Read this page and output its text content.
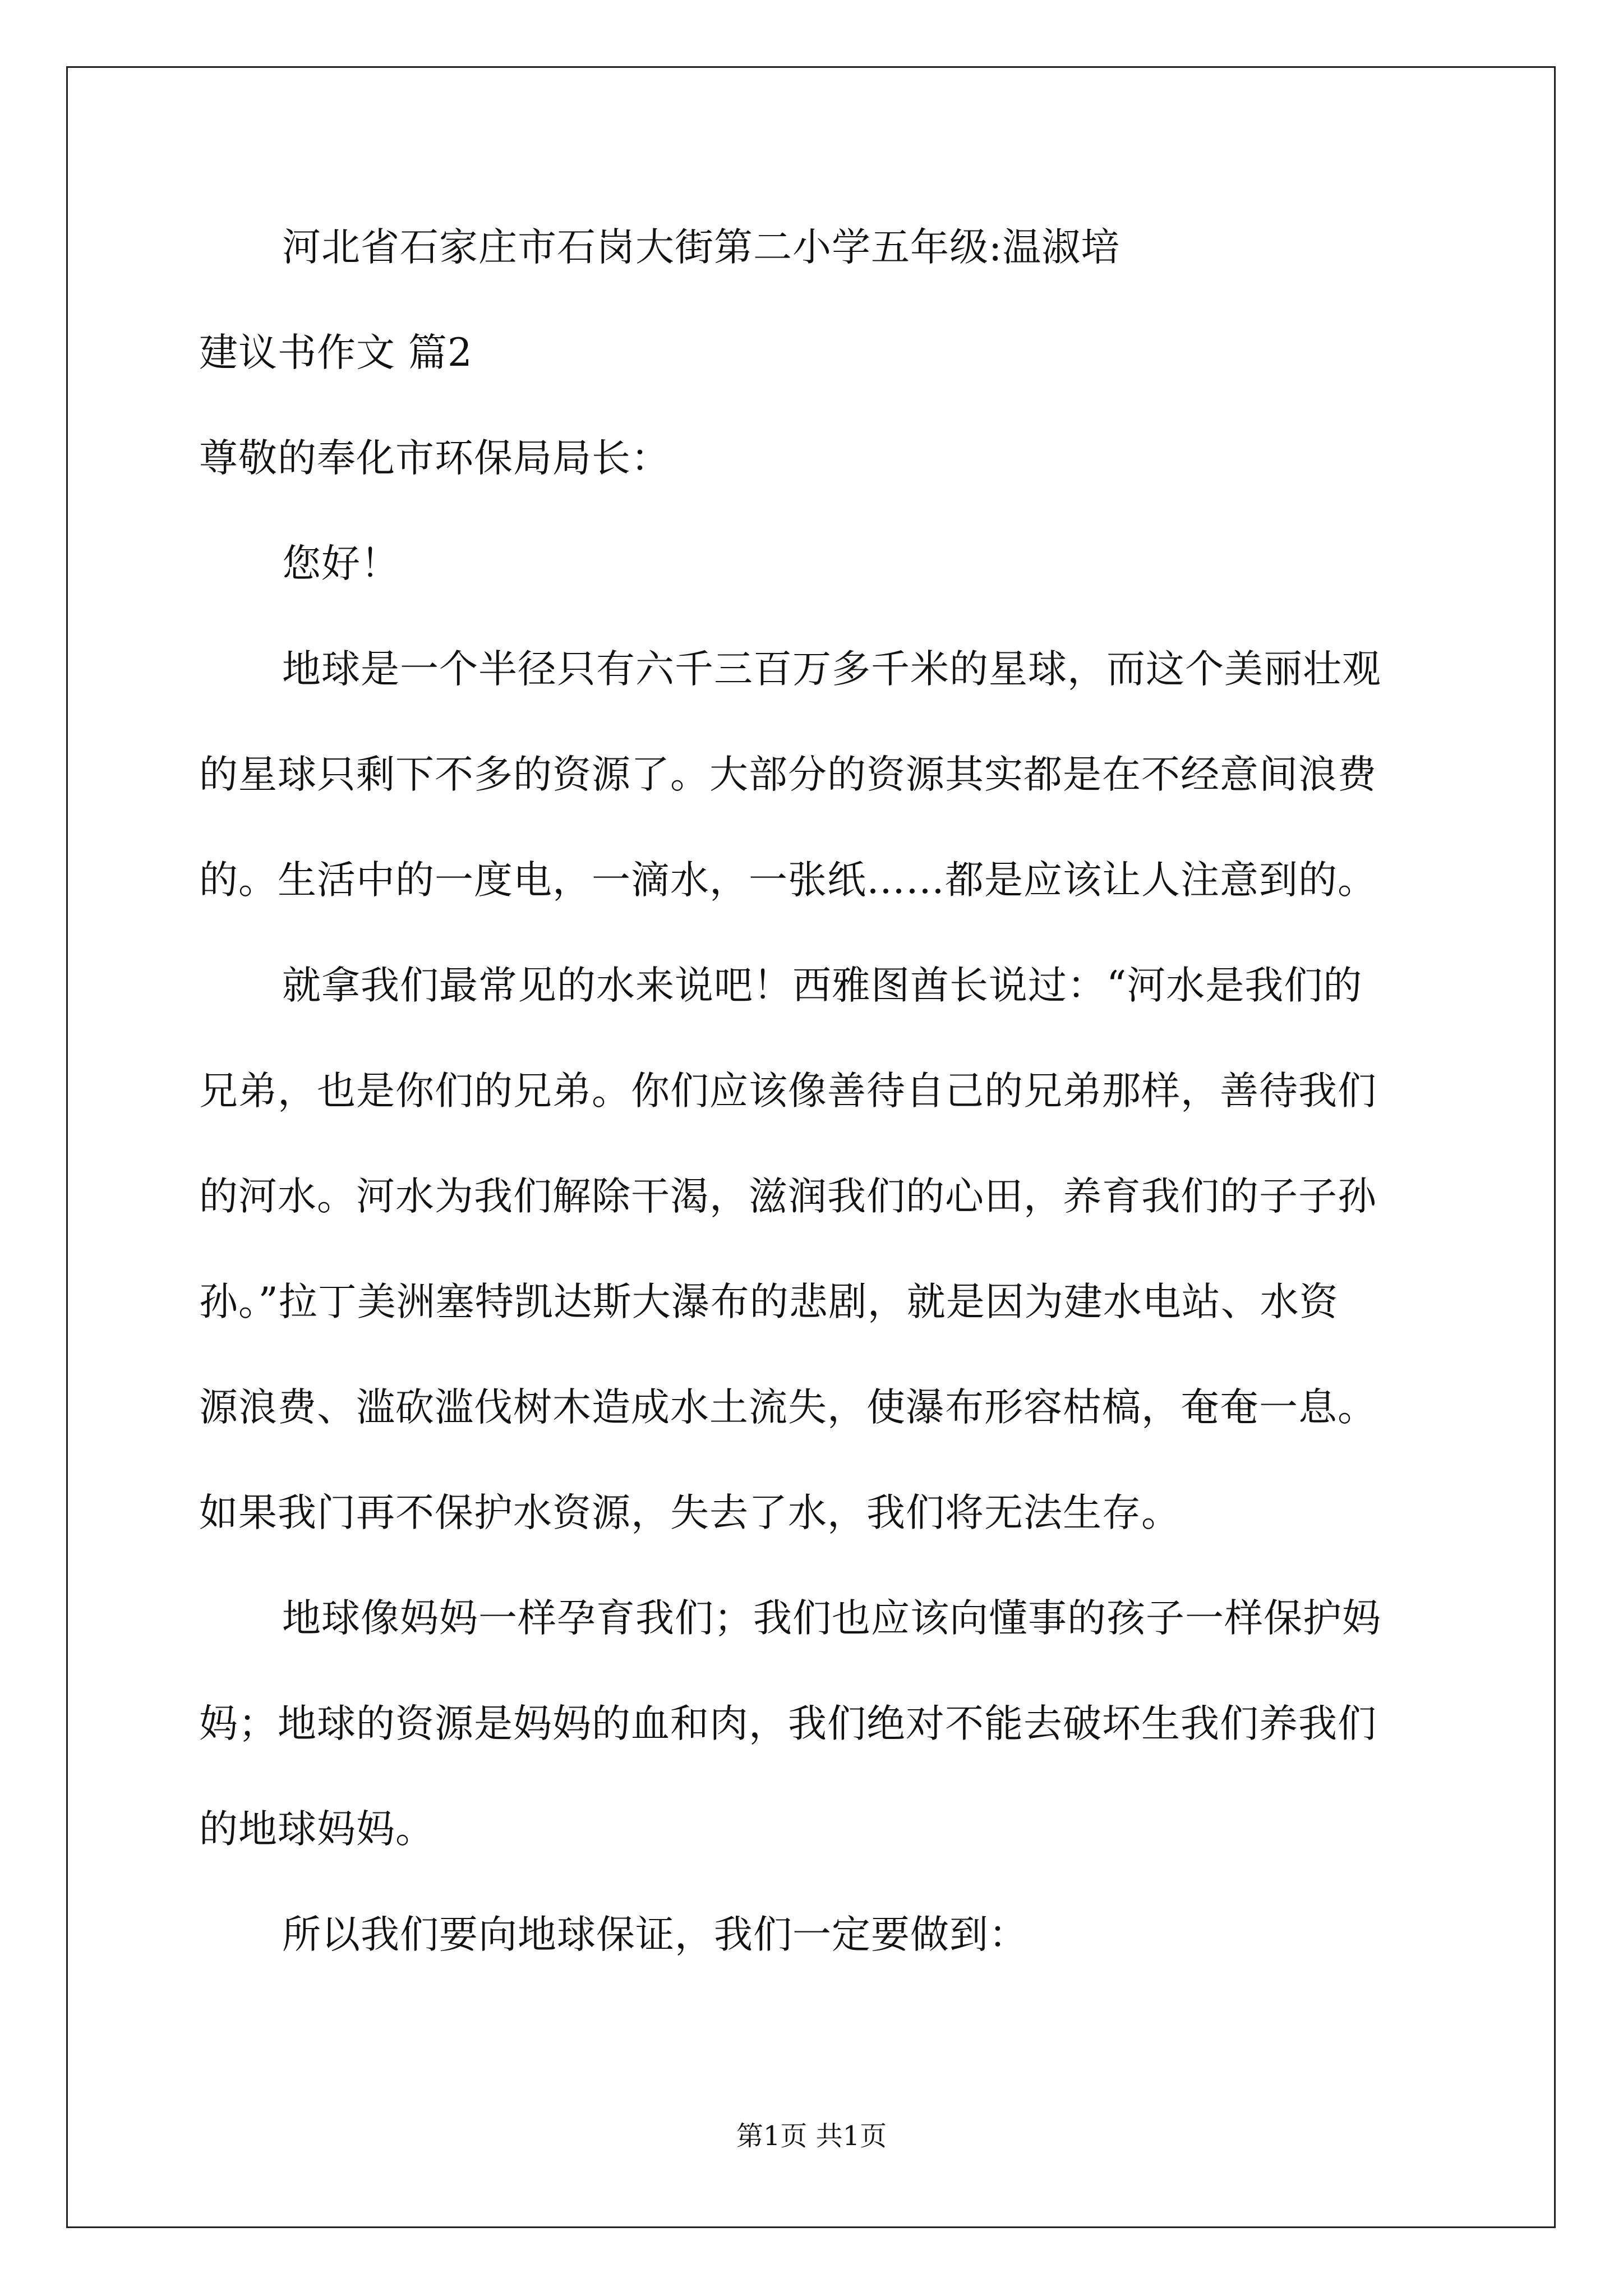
河北省石家庄市石岗大街第二小学五年级:温淑培

建议书作文 篇2

尊敬的奉化市环保局局长：

您好！

地球是一个半径只有六千三百万多千米的星球，而这个美丽壮观

的星球只剩下不多的资源了。大部分的资源其实都是在不经意间浪费

的。生活中的一度电，一滴水，一张纸……都是应该让人注意到的。

就拿我们最常见的水来说吧！西雅图酋长说过：“河水是我们的

兄弟，也是你们的兄弟。你们应该像善待自己的兄弟那样，善待我们

的河水。河水为我们解除干渴，滋润我们的心田，养育我们的子子孙

孙。”拉丁美洲塞特凯达斯大瀑布的悲剧，就是因为建水电站、水资

源浪费、滥砍滥伐树木造成水土流失，使瀑布形容枯槁，奄奄一息。

如果我门再不保护水资源，失去了水，我们将无法生存。

地球像妈妈一样孕育我们；我们也应该向懂事的孩子一样保护妈

妈；地球的资源是妈妈的血和肉，我们绝对不能去破坏生我们养我们

的地球妈妈。

所以我们要向地球保证，我们一定要做到：

第1页 共1页
